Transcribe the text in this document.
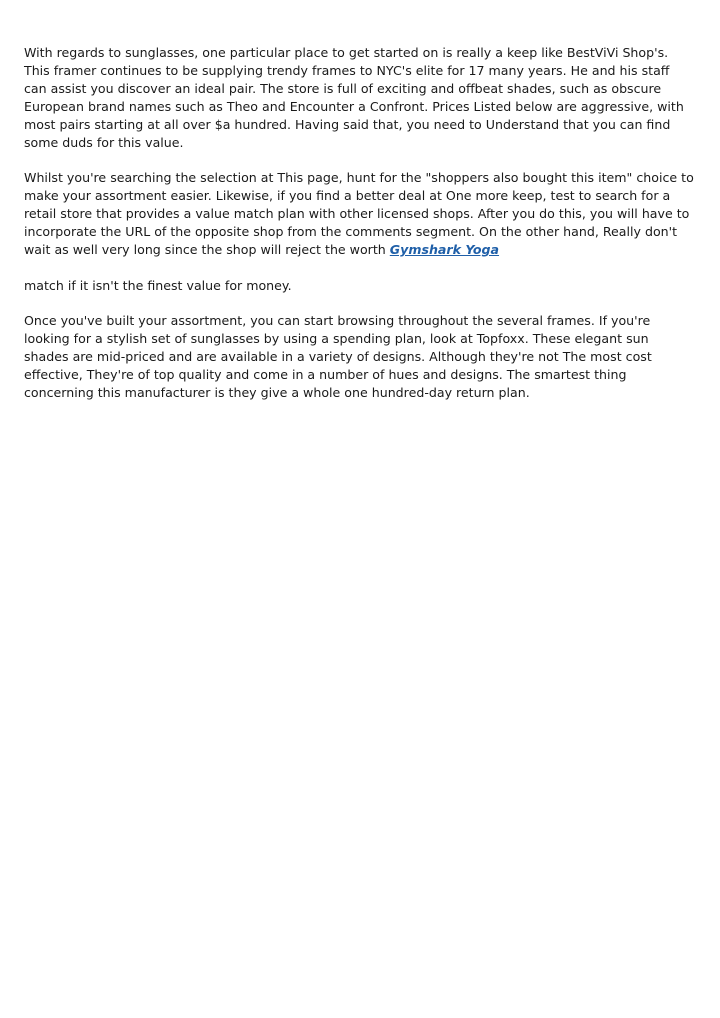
With regards to sunglasses, one particular place to get started on is really a keep like BestViVi Shop's. This framer continues to be supplying trendy frames to NYC's elite for 17 many years. He and his staff can assist you discover an ideal pair. The store is full of exciting and offbeat shades, such as obscure European brand names such as Theo and Encounter a Confront. Prices Listed below are aggressive, with most pairs starting at all over $a hundred. Having said that, you need to Understand that you can find some duds for this value.

Whilst you're searching the selection at This page, hunt for the "shoppers also bought this item" choice to make your assortment easier. Likewise, if you find a better deal at One more keep, test to search for a retail store that provides a value match plan with other licensed shops. After you do this, you will have to incorporate the URL of the opposite shop from the comments segment. On the other hand, Really don't wait as well very long since the shop will reject the worth Gymshark Yoga

match if it isn't the finest value for money.

Once you've built your assortment, you can start browsing throughout the several frames. If you're looking for a stylish set of sunglasses by using a spending plan, look at Topfoxx. These elegant sun shades are mid-priced and are available in a variety of designs. Although they're not The most cost effective, They're of top quality and come in a number of hues and designs. The smartest thing concerning this manufacturer is they give a whole one hundred-day return plan.
